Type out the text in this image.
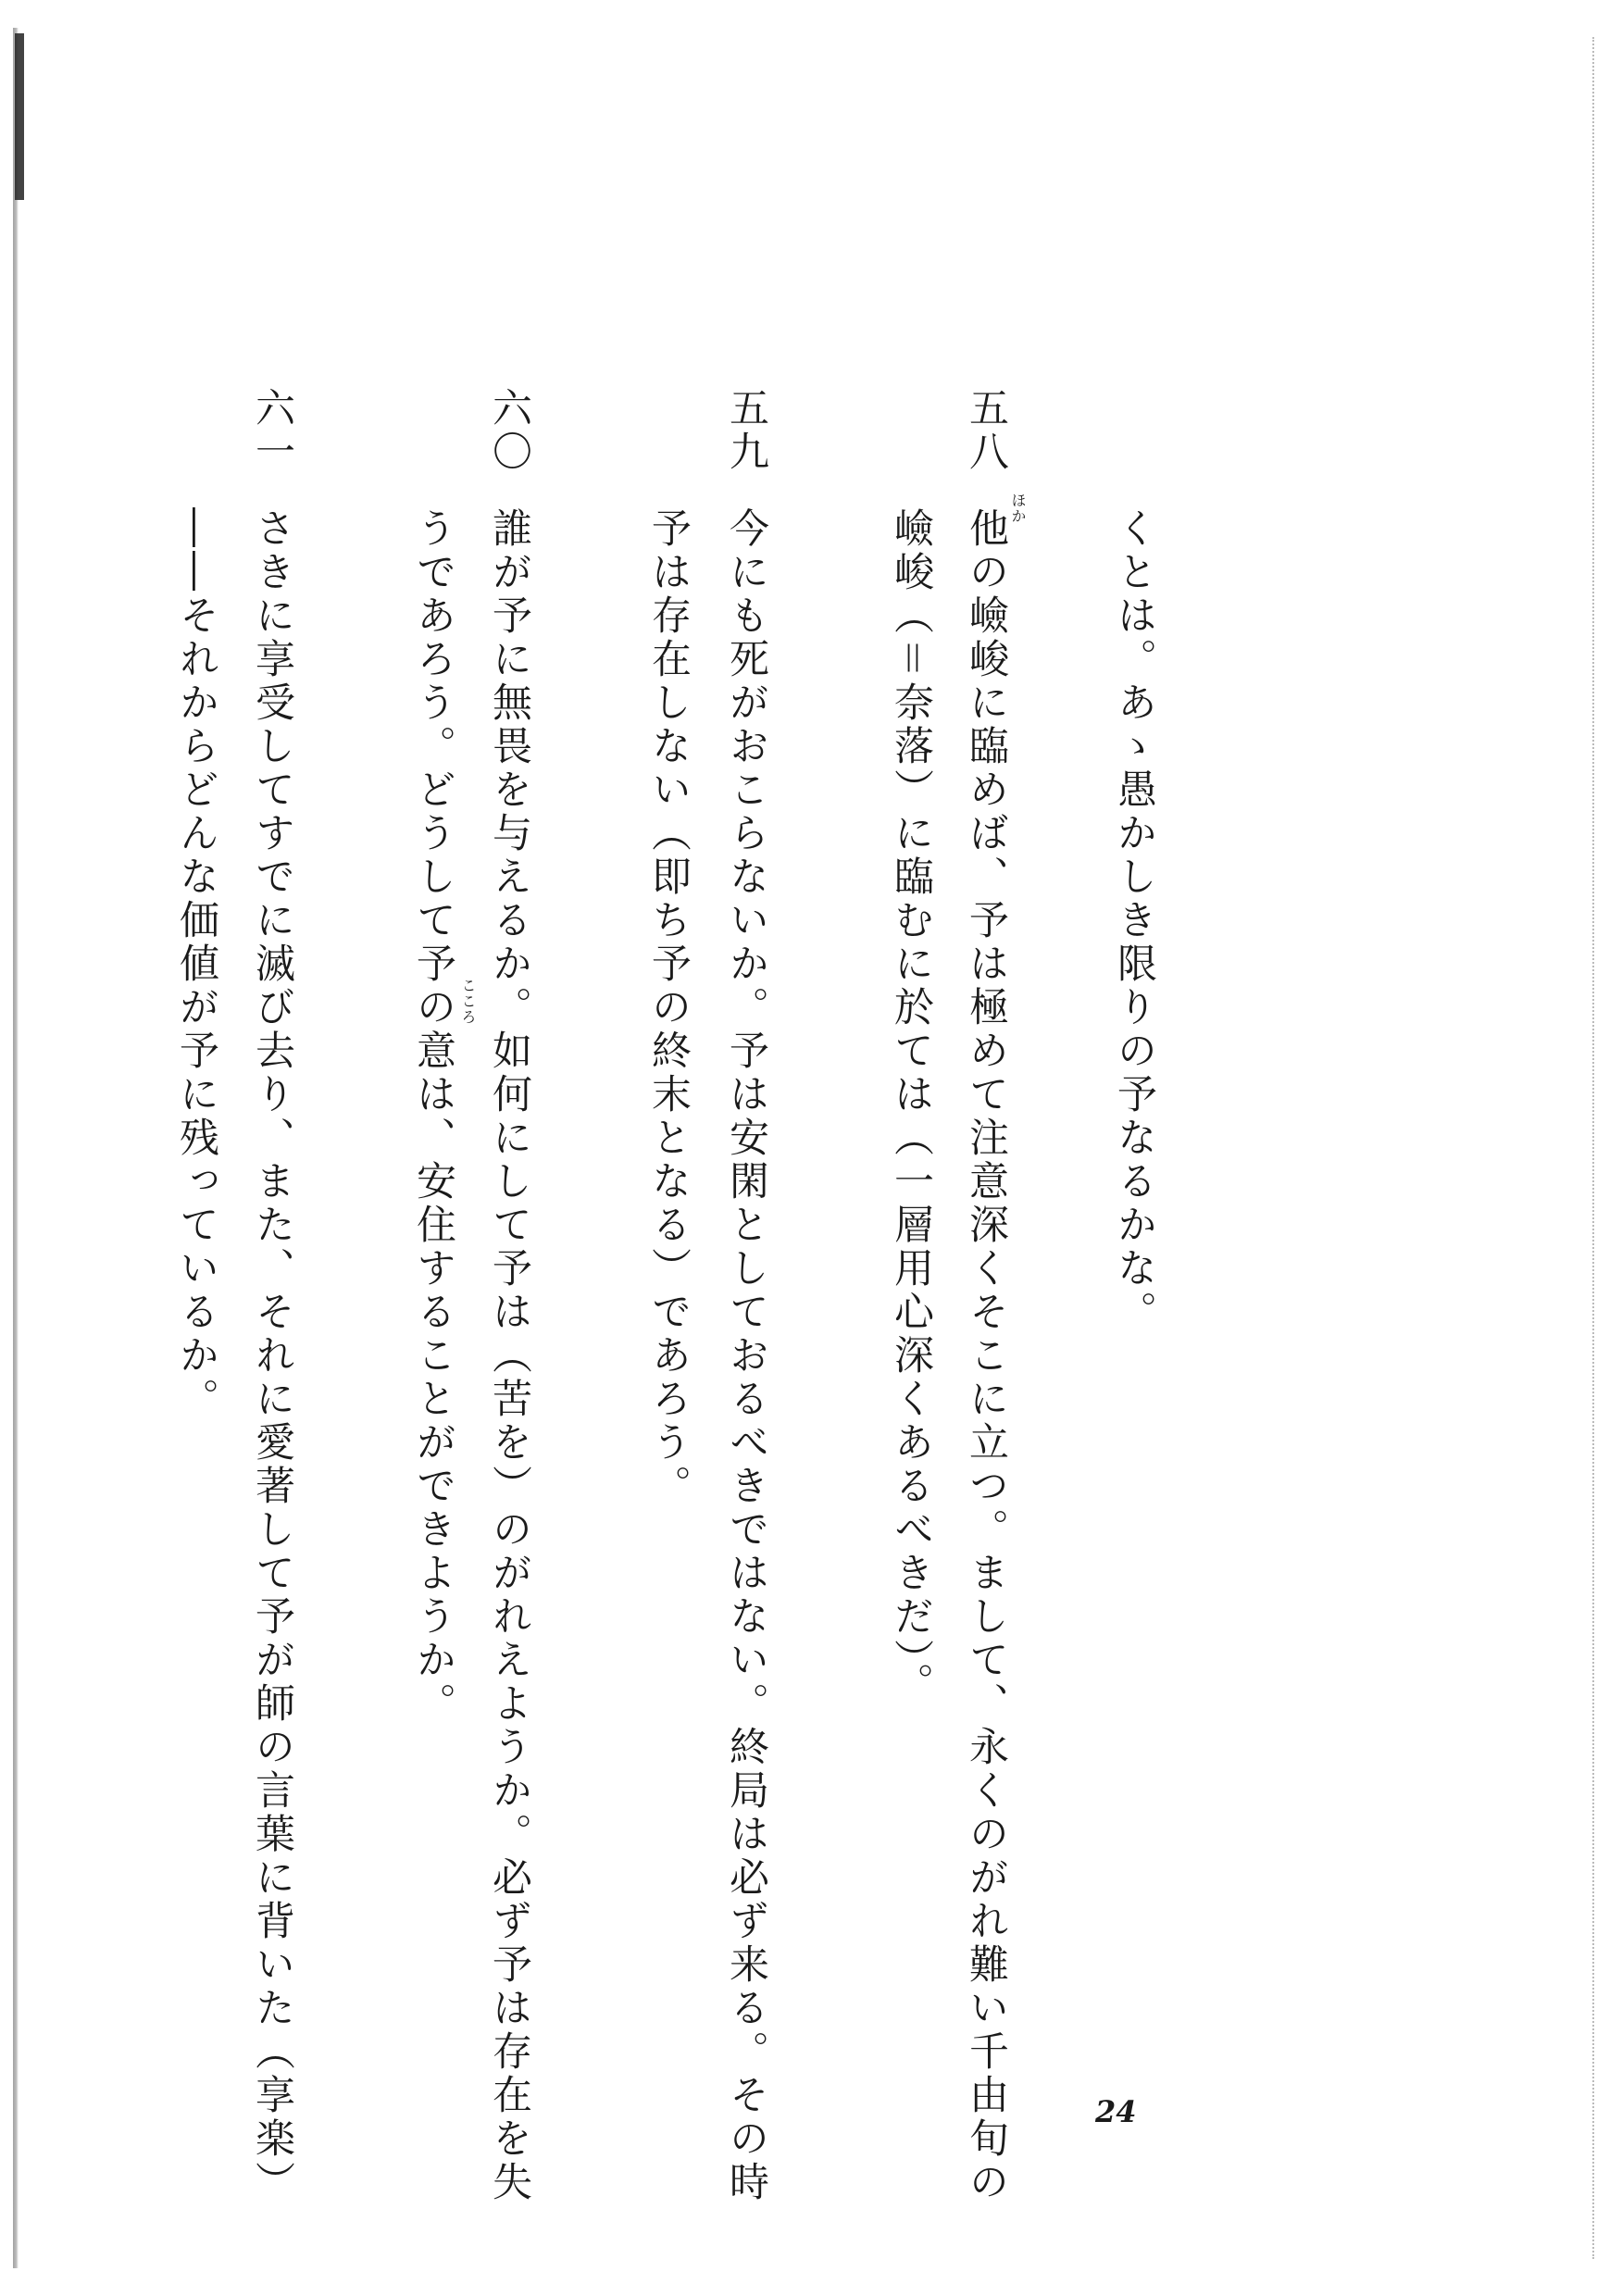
くとは。あゝ愚かしき限りの予なるかな。
五八
他の嶮峻に臨めば、予は極めて注意深くそこに立つ。まして、永くのがれ難い千由旬の ほか
嶮峻（＝奈落）に臨むに於ては（一層用心深くあるべきだ）。
五九
今にも死がおこらないか。予は安閑としておるべきではない。終局は必ず来る。その時
予は存在しない（即ち予の終末となる）であろう。
六〇
誰が予に無畏を与えるか。如何にして予は（苦を）のがれえようか。必ず予は存在を失
うであろう。どうして予の意は、安住することができようか。 こころ
六一
さきに享受してすでに滅び去り、また、それに愛著して予が師の言葉に背いた（享楽）
――それからどんな価値が予に残っているか。
24
